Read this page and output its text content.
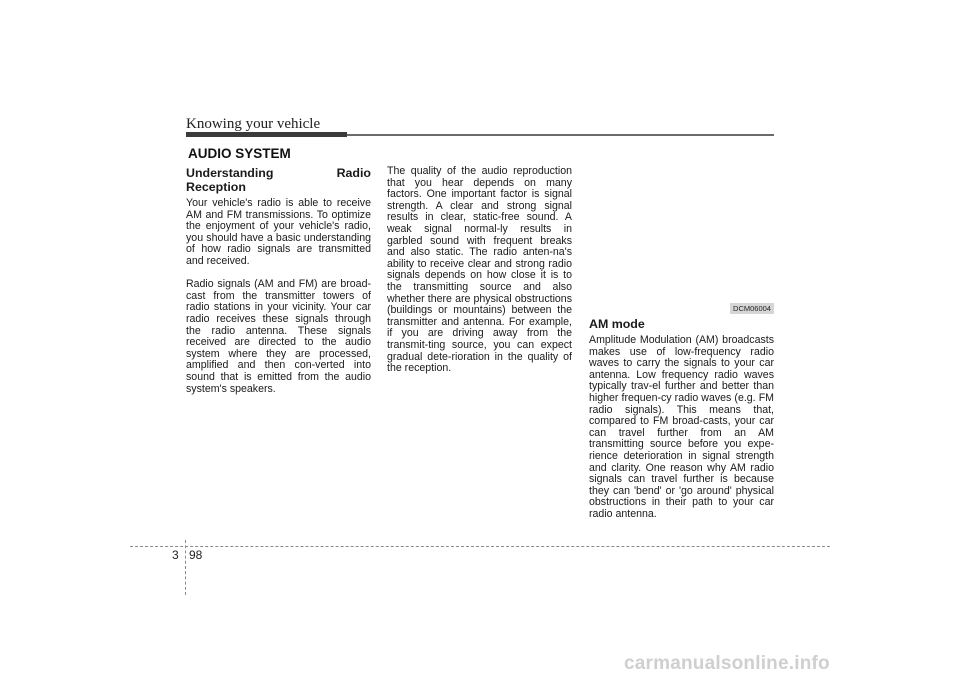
Knowing your vehicle
AUDIO SYSTEM
Understanding Radio Reception

Your vehicle's radio is able to receive AM and FM transmissions. To optimize the enjoyment of your vehicle's radio, you should have a basic understanding of how radio signals are transmitted and received.

Radio signals (AM and FM) are broad-cast from the transmitter towers of radio stations in your vicinity. Your car radio receives these signals through the radio antenna. These signals received are directed to the audio system where they are processed, amplified and then con-verted into sound that is emitted from the audio system's speakers.

The quality of the audio reproduction that you hear depends on many factors. One important factor is signal strength. A clear and strong signal results in clear, static-free sound. A weak signal normal-ly results in garbled sound with frequent breaks and also static. The radio anten-na's ability to receive clear and strong radio signals depends on how close it is to the transmitting source and also whether there are physical obstructions (buildings or mountains) between the transmitter and antenna. For example, if you are driving away from the transmit-ting source, you can expect gradual dete-rioration in the quality of the reception.

DCM06004
AM mode

Amplitude Modulation (AM) broadcasts makes use of low-frequency radio waves to carry the signals to your car antenna. Low frequency radio waves typically trav-el further and better than higher frequen-cy radio waves (e.g. FM radio signals). This means that, compared to FM broad-casts, your car can travel further from an AM transmitting source before you expe-rience deterioration in signal strength and clarity. One reason why AM radio signals can travel further is because they can 'bend' or 'go around' physical obstructions in their path to your car radio antenna.

3 98
carmanualsonline.info
